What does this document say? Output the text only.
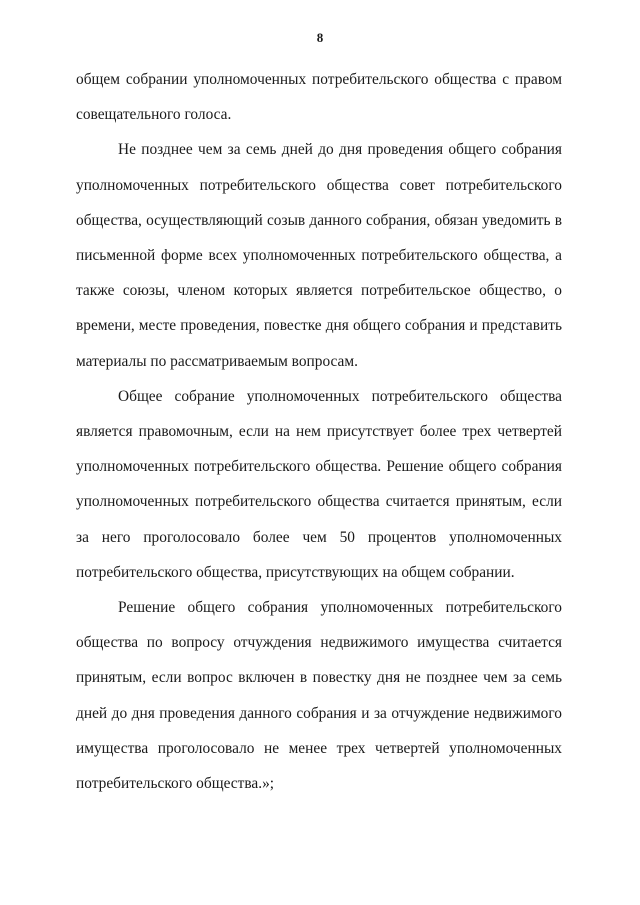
8

общем собрании уполномоченных потребительского общества с правом совещательного голоса.

Не позднее чем за семь дней до дня проведения общего собрания уполномоченных потребительского общества совет потребительского общества, осуществляющий созыв данного собрания, обязан уведомить в письменной форме всех уполномоченных потребительского общества, а также союзы, членом которых является потребительское общество, о времени, месте проведения, повестке дня общего собрания и представить материалы по рассматриваемым вопросам.

Общее собрание уполномоченных потребительского общества является правомочным, если на нем присутствует более трех четвертей уполномоченных потребительского общества. Решение общего собрания уполномоченных потребительского общества считается принятым, если за него проголосовало более чем 50 процентов уполномоченных потребительского общества, присутствующих на общем собрании.

Решение общего собрания уполномоченных потребительского общества по вопросу отчуждения недвижимого имущества считается принятым, если вопрос включен в повестку дня не позднее чем за семь дней до дня проведения данного собрания и за отчуждение недвижимого имущества проголосовало не менее трех четвертей уполномоченных потребительского общества.»;
